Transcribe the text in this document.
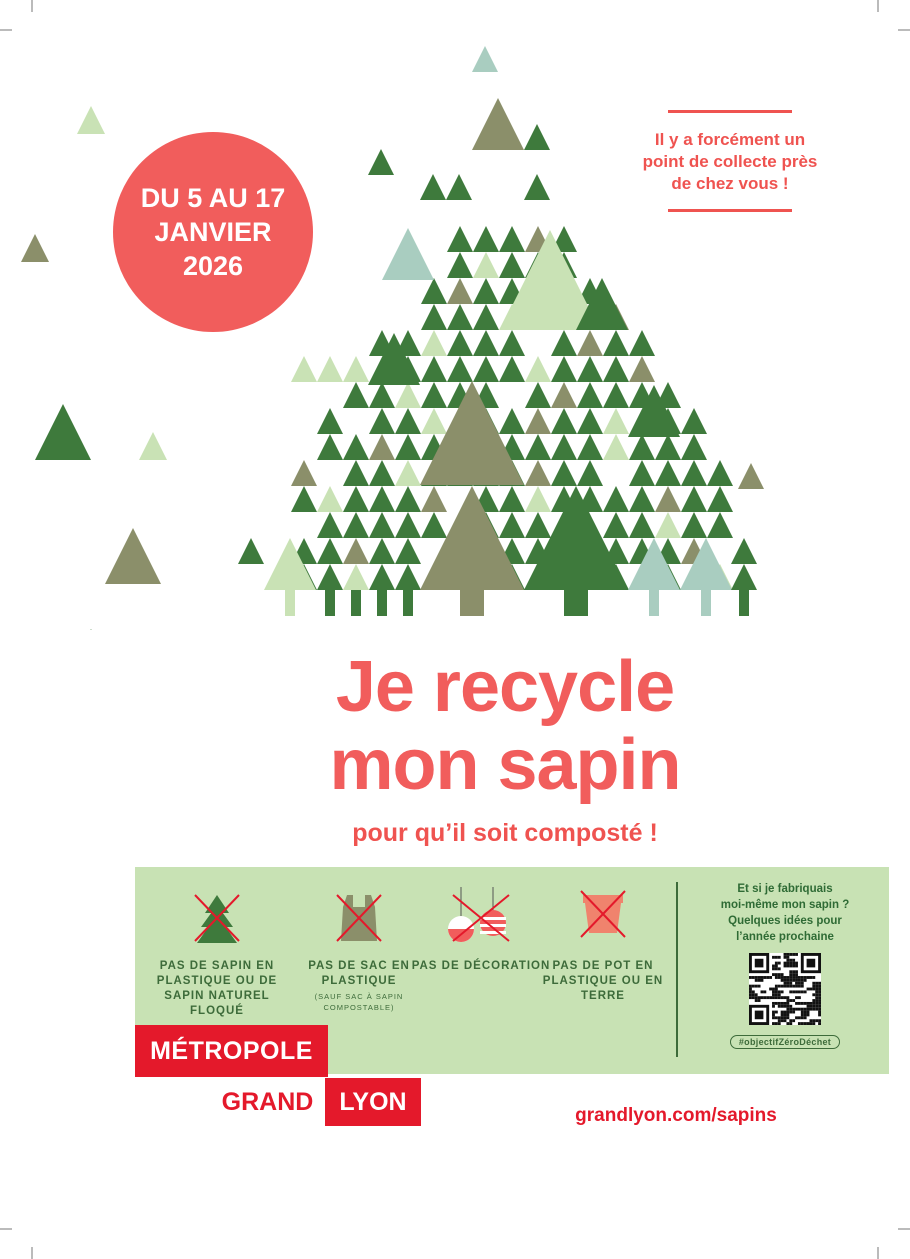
DU 5 AU 17
JANVIER
2026
Il y a forcément un
point de collecte près
de chez vous !
Je recycle
mon sapin
pour qu’il soit composté !
PAS DE SAPIN EN PLASTIQUE OU DE SAPIN NATUREL FLOQUÉ
PAS DE SAC EN PLASTIQUE
(SAUF SAC À SAPIN COMPOSTABLE)
PAS DE DÉCORATION PAS DE POT EN PLASTIQUE OU EN TERRE
Et si je fabriquais
moi-même mon sapin ?
Quelques idées pour
l’année prochaine
#objectifZéroDéchet
MÉTROPOLE
GRAND	LYON	grandlyon.com/sapins
